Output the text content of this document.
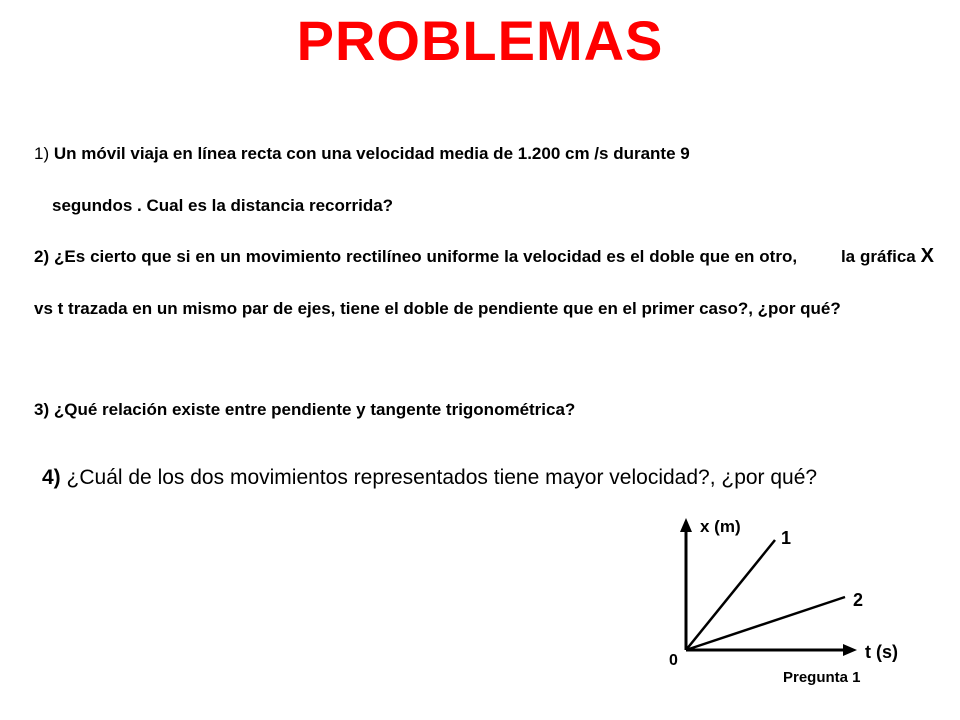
PROBLEMAS

1) Un móvil viaja en línea recta con una velocidad media de 1.200 cm /s durante 9
segundos . Cual es la distancia recorrida?

2) ¿Es cierto que si en un movimiento rectilíneo uniforme la velocidad es el doble que en otro,	la gráfica X vs t trazada en un mismo par de ejes, tiene el doble de pendiente que en el primer caso?, ¿por qué?

3) ¿Qué relación existe entre pendiente y tangente trigonométrica?

4) ¿Cuál de los dos movimientos representados tiene mayor velocidad?, ¿por qué?
x (m)
t (s)
0
1
2
Pregunta 1
